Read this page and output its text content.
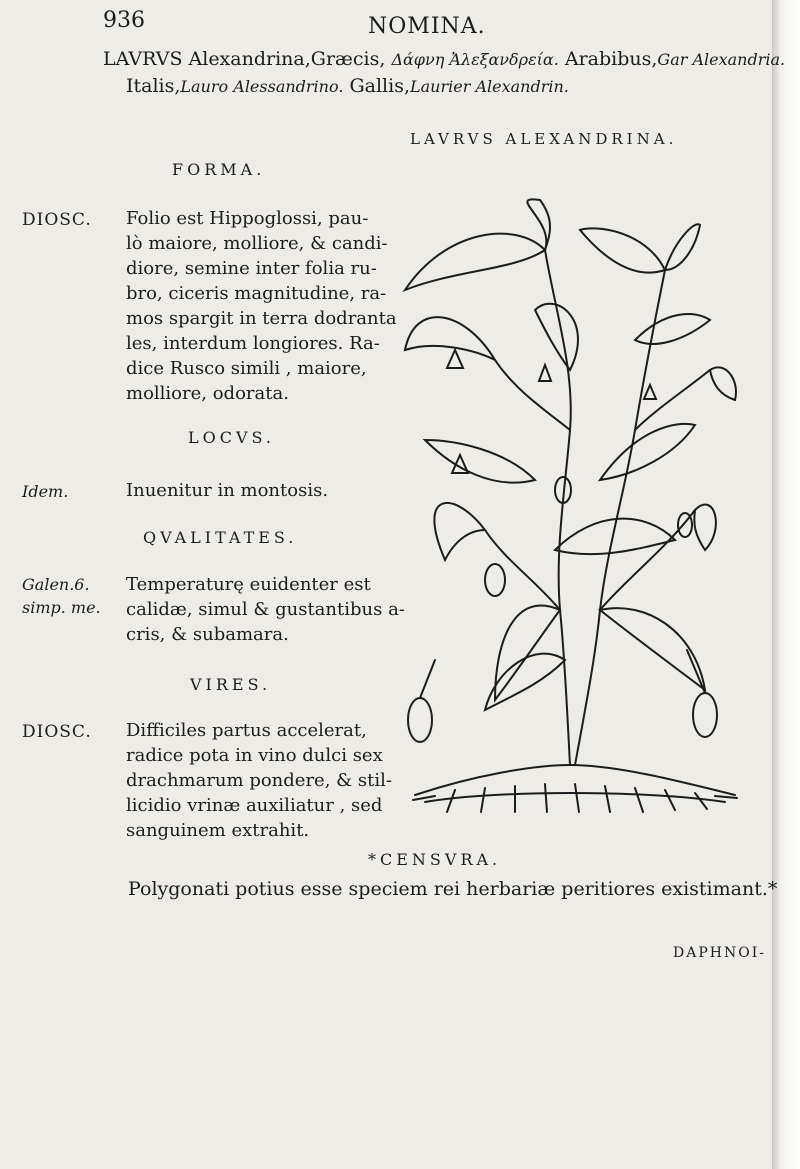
936	NOMINA.
LAVRVS Alexandrina,Græcis, Δάφνη Ἀλεξανδρεία. Arabibus,Gar Alexandria.
Italis,Lauro Alessandrino. Gallis,Laurier Alexandrin.
LAVRVS ALEXANDRINA.
FORMA.
DIOSC. Folio est Hippoglossi, pau-
lò maiore, molliore, & candi-
diore, semine inter folia ru-
bro, ciceris magnitudine, ra-
mos spargit in terra dodranta
les, interdum longiores. Ra-
dice Rusco simili , maiore,
molliore, odorata.
LOCVS.
Idem.	Inuenitur in montosis.
QVALITATES.
Galen.6.
simp. me.
Temperaturę euidenter est
calidæ, simul & gustantibus a-
cris, & subamara.
VIRES.
DIOSC. Difficiles partus accelerat,
radice pota in vino dulci sex
drachmarum pondere, & stil-
licidio vrinæ auxiliatur , sed
sanguinem extrahit.
*CENSVRA.
Polygonati potius esse speciem rei herbariæ peritiores existimant.*
DAPHNOI-
